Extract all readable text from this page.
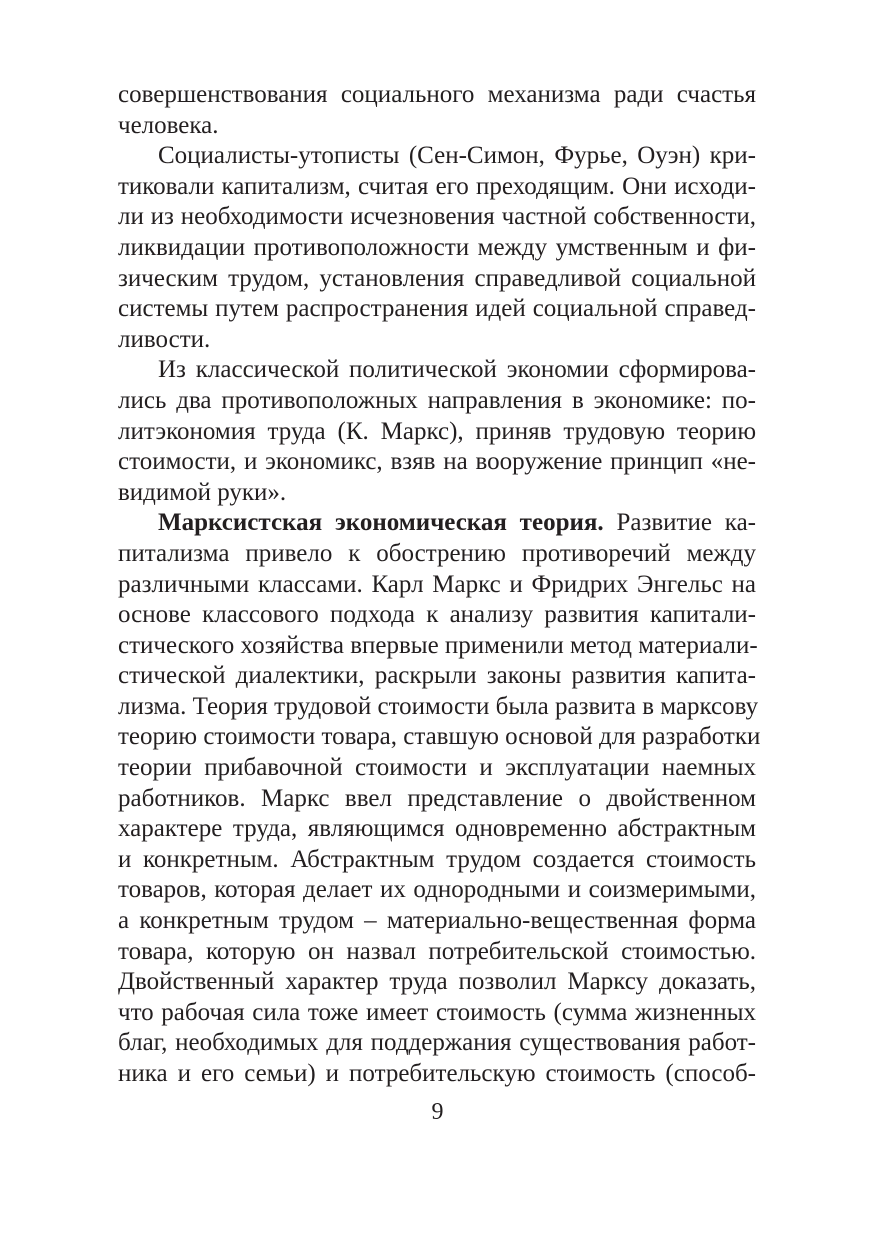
совершенствования социального механизма ради счастья
человека.
Социалисты-утописты (Сен-Симон, Фурье, Оуэн) кри-
тиковали капитализм, считая его преходящим. Они исходи-
ли из необходимости исчезновения частной собственности,
ликвидации противоположности между умственным и фи-
зическим трудом, установления справедливой социальной
системы путем распространения идей социальной справед-
ливости.
Из классической политической экономии сформирова-
лись два противоположных направления в экономике: по-
литэкономия труда (К. Маркс), приняв трудовую теорию
стоимости, и экономикс, взяв на вооружение принцип «не-
видимой руки».
Марксистская экономическая теория. Развитие ка-
питализма привело к обострению противоречий между
различными классами. Карл Маркс и Фридрих Энгельс на
основе классового подхода к анализу развития капитали-
стического хозяйства впервые применили метод материали-
стической диалектики, раскрыли законы развития капита-
лизма. Теория трудовой стоимости была развита в марксову
теорию стоимости товара, ставшую основой для разработки
теории прибавочной стоимости и эксплуатации наемных
работников. Маркс ввел представление о двойственном
характере труда, являющимся одновременно абстрактным
и конкретным. Абстрактным трудом создается стоимость
товаров, которая делает их однородными и соизмеримыми,
а конкретным трудом – материально-вещественная форма
товара, которую он назвал потребительской стоимостью.
Двойственный характер труда позволил Марксу доказать,
что рабочая сила тоже имеет стоимость (сумма жизненных
благ, необходимых для поддержания существования работ-
ника и его семьи) и потребительскую стоимость (способ-
9
